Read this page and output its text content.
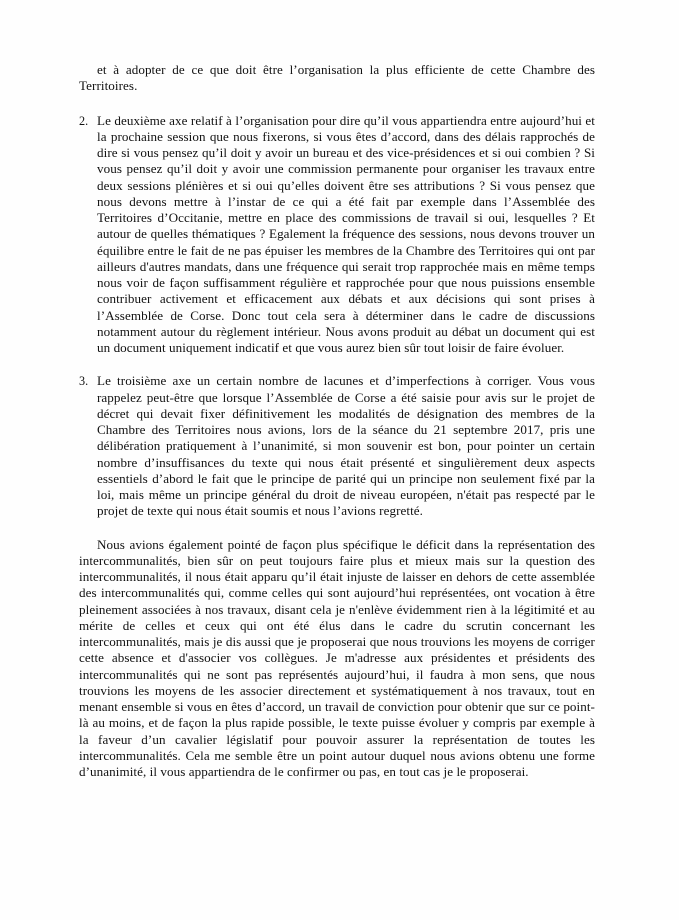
et à adopter de ce que doit être l’organisation la plus efficiente de cette Chambre des Territoires.

2. Le deuxième axe relatif à l’organisation pour dire qu’il vous appartiendra entre aujourd’hui et la prochaine session que nous fixerons, si vous êtes d’accord, dans des délais rapprochés de dire si vous pensez qu’il doit y avoir un bureau et des vice-présidences et si oui combien ? Si vous pensez qu’il doit y avoir une commission permanente pour organiser les travaux entre deux sessions plénières et si oui qu’elles doivent être ses attributions ? Si vous pensez que nous devons mettre à l’instar de ce qui a été fait par exemple dans l’Assemblée des Territoires d’Occitanie, mettre en place des commissions de travail si oui, lesquelles ? Et autour de quelles thématiques ? Egalement la fréquence des sessions, nous devons trouver un équilibre entre le fait de ne pas épuiser les membres de la Chambre des Territoires qui ont par ailleurs d'autres mandats, dans une fréquence qui serait trop rapprochée mais en même temps nous voir de façon suffisamment régulière et rapprochée pour que nous puissions ensemble contribuer activement et efficacement aux débats et aux décisions qui sont prises à l’Assemblée de Corse. Donc tout cela sera à déterminer dans le cadre de discussions notamment autour du règlement intérieur. Nous avons produit au débat un document qui est un document uniquement indicatif et que vous aurez bien sûr tout loisir de faire évoluer.
3. Le troisième axe un certain nombre de lacunes et d’imperfections à corriger. Vous vous rappelez peut-être que lorsque l’Assemblée de Corse a été saisie pour avis sur le projet de décret qui devait fixer définitivement les modalités de désignation des membres de la Chambre des Territoires nous avions, lors de la séance du 21 septembre 2017, pris une délibération pratiquement à l’unanimité, si mon souvenir est bon, pour pointer un certain nombre d’insuffisances du texte qui nous était présenté et singulièrement deux aspects essentiels d’abord le fait que le principe de parité qui un principe non seulement fixé par la loi, mais même un principe général du droit de niveau européen, n'était pas respecté par le projet de texte qui nous était soumis et nous l’avions regretté.

Nous avions également pointé de façon plus spécifique le déficit dans la représentation des intercommunalités, bien sûr on peut toujours faire plus et mieux mais sur la question des intercommunalités, il nous était apparu qu’il était injuste de laisser en dehors de cette assemblée des intercommunalités qui, comme celles qui sont aujourd’hui représentées, ont vocation à être pleinement associées à nos travaux, disant cela je n'enlève évidemment rien à la légitimité et au mérite de celles et ceux qui ont été élus dans le cadre du scrutin concernant les intercommunalités, mais je dis aussi que je proposerai que nous trouvions les moyens de corriger cette absence et d'associer vos collègues. Je m'adresse aux présidentes et présidents des intercommunalités qui ne sont pas représentés aujourd’hui, il faudra à mon sens, que nous trouvions les moyens de les associer directement et systématiquement à nos travaux, tout en menant ensemble si vous en êtes d’accord, un travail de conviction pour obtenir que sur ce point-là au moins, et de façon la plus rapide possible, le texte puisse évoluer y compris par exemple à la faveur d’un cavalier législatif pour pouvoir assurer la représentation de toutes les intercommunalités. Cela me semble être un point autour duquel nous avions obtenu une forme d’unanimité, il vous appartiendra de le confirmer ou pas, en tout cas je le proposerai.
